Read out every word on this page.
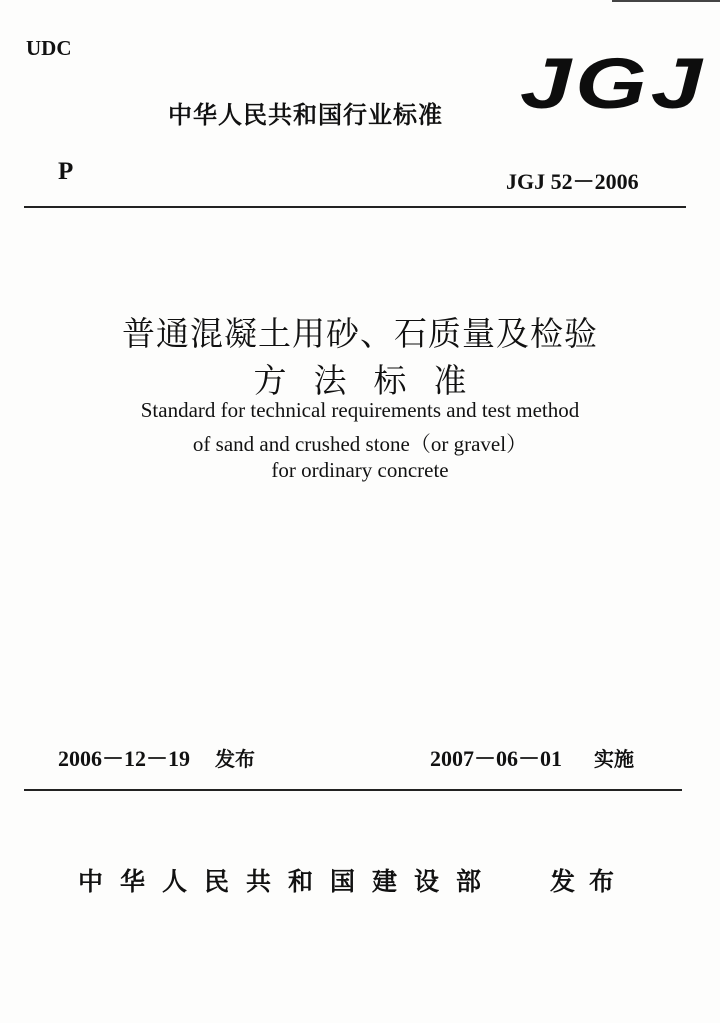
UDC
中华人民共和国行业标准 JGJ
P	JGJ 52－2006
普通混凝土用砂、石质量及检验
方法标准
Standard for technical requirements and test method
of sand and crushed stone（or gravel）
for ordinary concrete
2006－12－19 发布	2007－06－01 实施
中华人民共和国建设部 发布
